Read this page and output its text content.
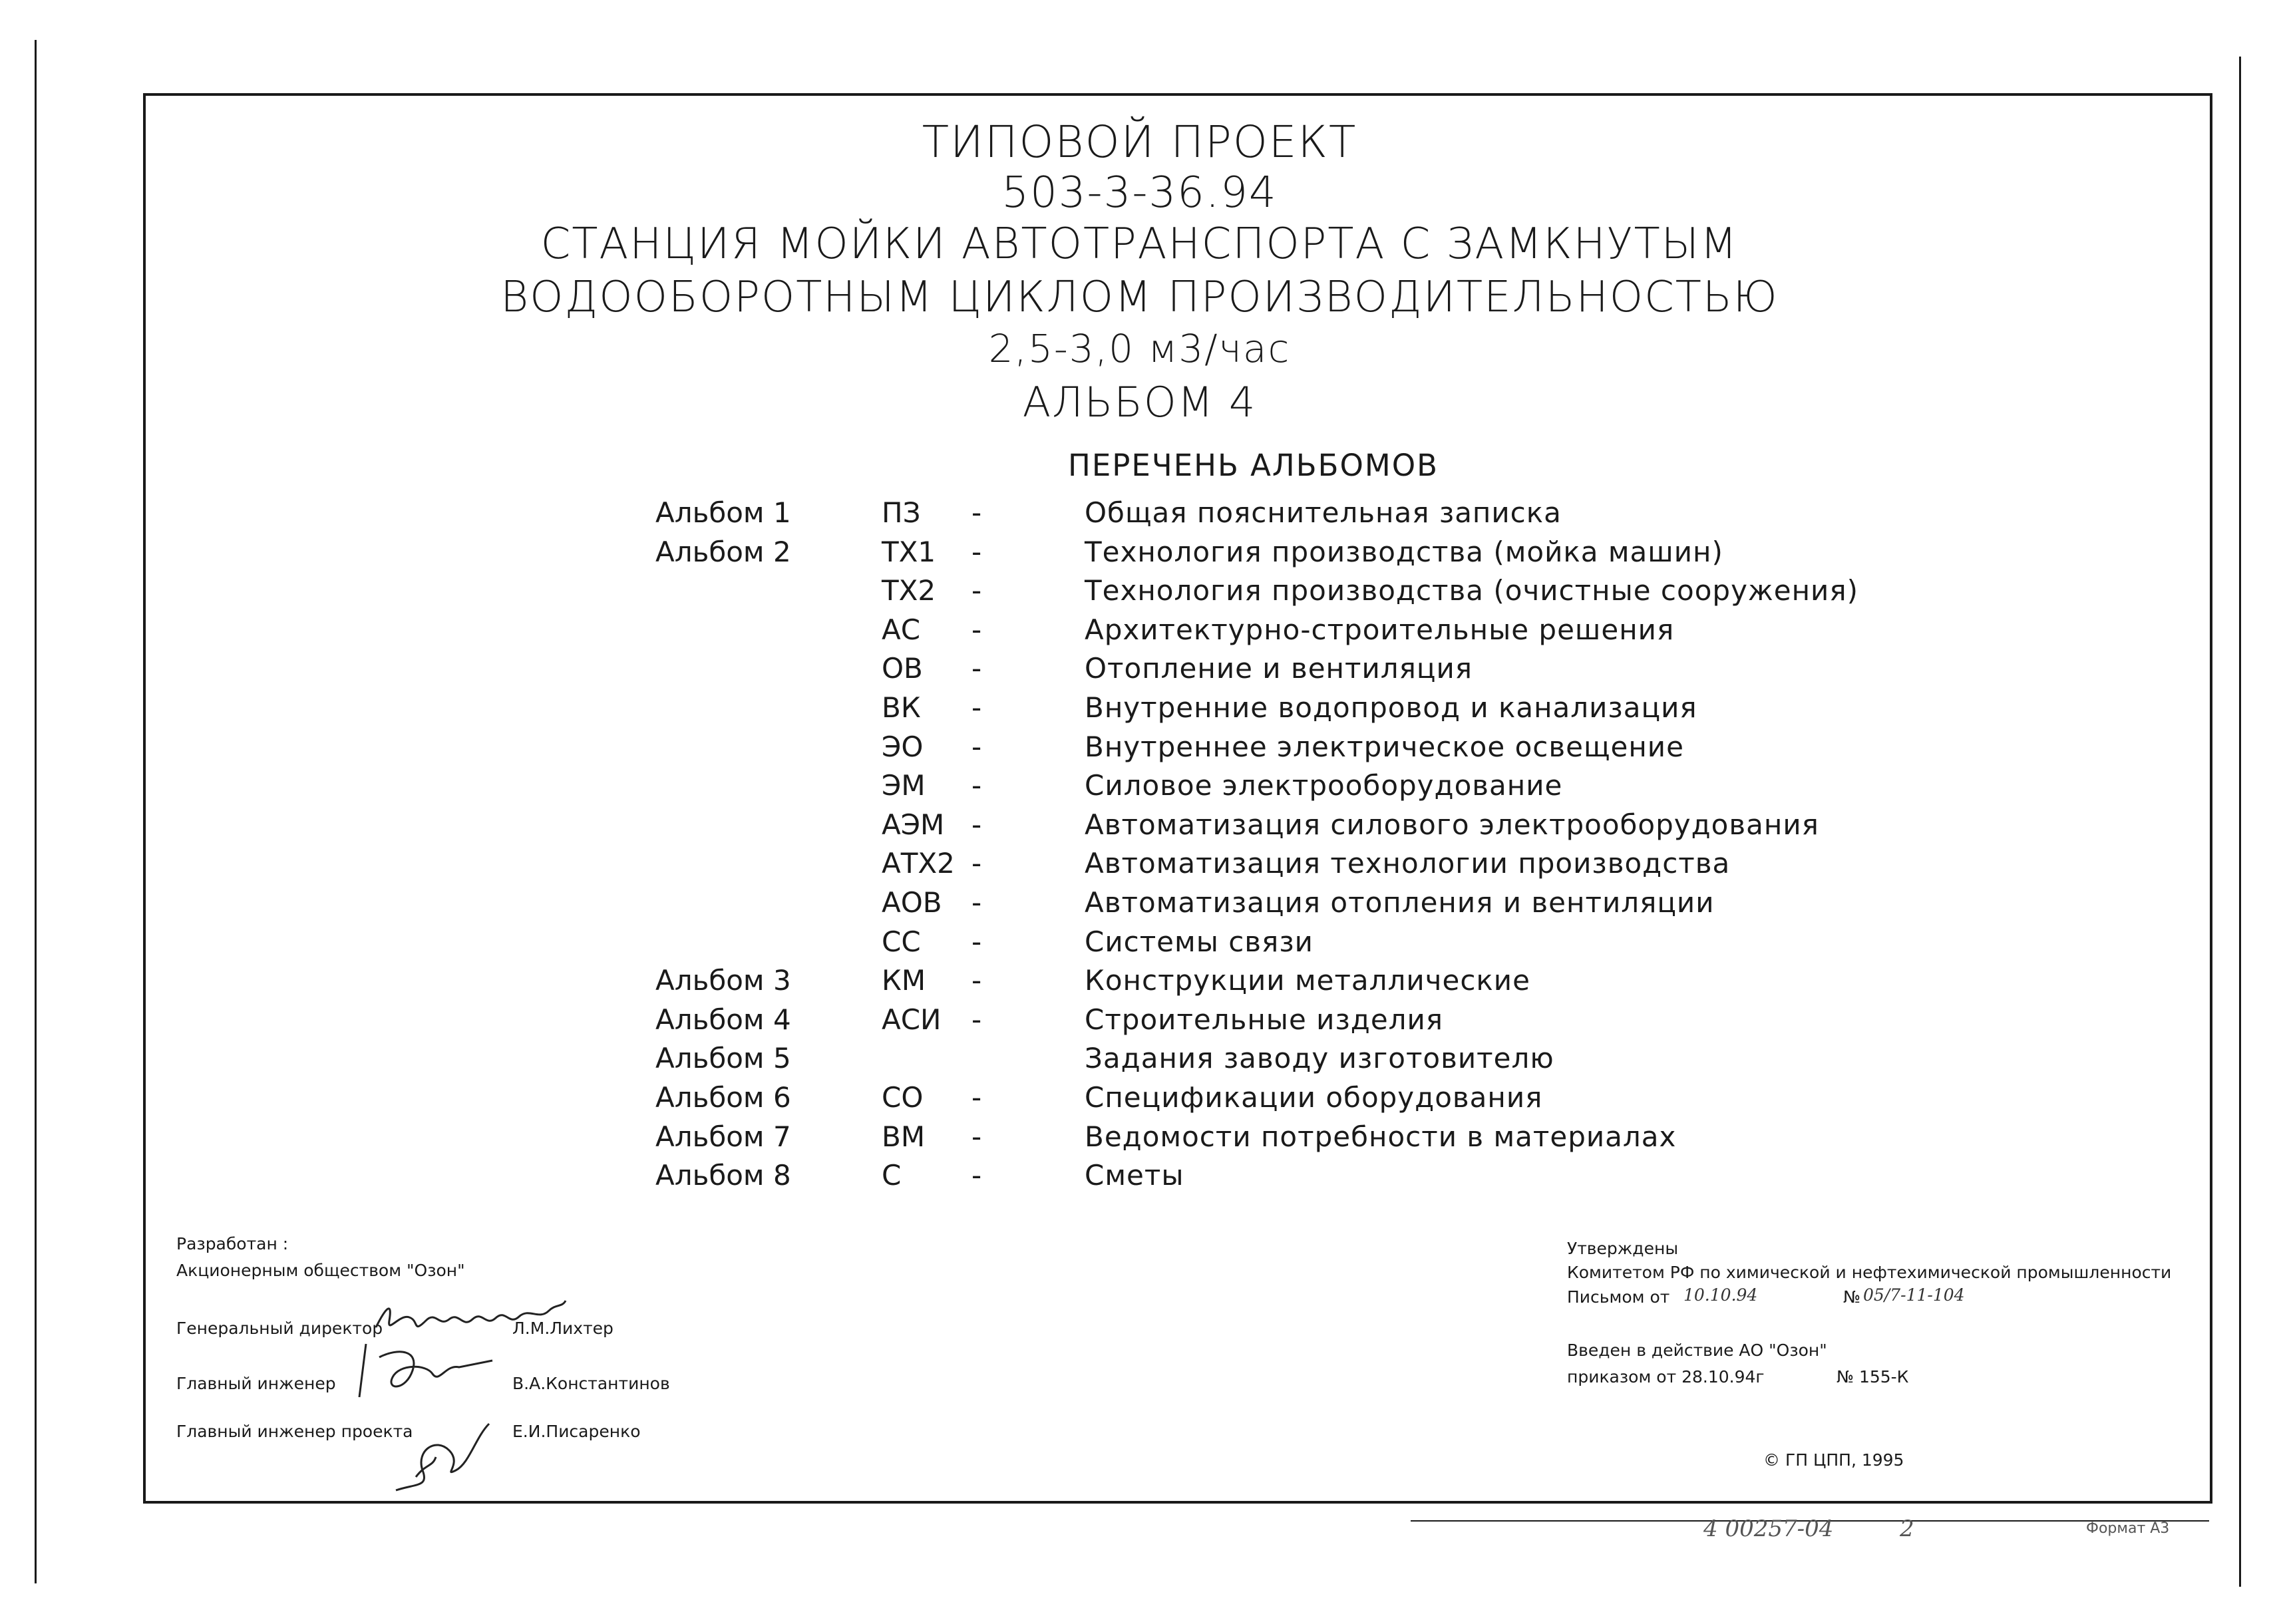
ТИПОВОЙ ПРОЕКТ
503-3-36.94
СТАНЦИЯ МОЙКИ АВТОТРАНСПОРТА С ЗАМКНУТЫМ
ВОДООБОРОТНЫМ ЦИКЛОМ ПРОИЗВОДИТЕЛЬНОСТЬЮ
2,5-3,0 м3/час
АЛЬБОМ 4
ПЕРЕЧЕНЬ АЛЬБОМОВ
Альбом 1	ПЗ -	Общая пояснительная записка
Альбом 2	ТХ1 -	Технология производства (мойка машин)
ТХ2 -	Технология производства (очистные сооружения)
АС -	Архитектурно-строительные решения
ОВ -	Отопление и вентиляция
ВК -	Внутренние водопровод и канализация
ЭО -	Внутреннее электрическое освещение
ЭМ -	Силовое электрооборудование
АЭМ -	Автоматизация силового электрооборудования
АТХ2 -	Автоматизация технологии производства
АОВ -	Автоматизация отопления и вентиляции
СС -	Системы связи
Альбом 3	КМ -	Конструкции металлические
Альбом 4	АСИ -	Строительные изделия
Альбом 5	Задания заводу изготовителю
Альбом 6	СО -	Спецификации оборудования
Альбом 7	ВМ -	Ведомости потребности в материалах
Альбом 8	С	-	Сметы
Разработан :
Акционерным обществом "Озон"
Генеральный директор	Л.М.Лихтер
Главный инженер	В.А.Константинов
Главный инженер проекта	Е.И.Писаренко
Утверждены
Комитетом РФ по химической и нефтехимической промышленности
Письмом от 10.10.94	№ 05/7-11-104
Введен в действие АО "Озон"
приказом от 28.10.94г	№ 155-К
© ГП ЦПП, 1995
4 00257-04	2	Формат А3
